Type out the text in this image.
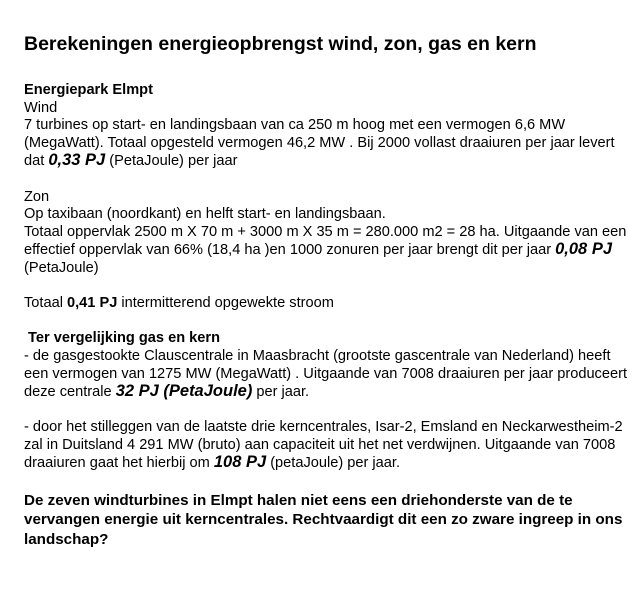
Berekeningen energieopbrengst wind, zon, gas en kern

Energiepark Elmpt

Wind

7 turbines op start- en landingsbaan van ca 250 m hoog met een vermogen 6,6 MW (MegaWatt). Totaal opgesteld vermogen 46,2 MW . Bij 2000 vollast draaiuren per jaar levert dat 0,33 PJ (PetaJoule) per jaar

Zon

Op taxibaan (noordkant) en helft start- en landingsbaan.

Totaal oppervlak 2500 m X 70 m + 3000 m X 35 m = 280.000 m2 = 28 ha. Uitgaande van een effectief oppervlak van 66% (18,4 ha )en 1000 zonuren per jaar brengt dit per jaar 0,08 PJ (PetaJoule)

Totaal 0,41 PJ intermitterend opgewekte stroom

Ter vergelijking gas en kern

- de gasgestookte Clauscentrale in Maasbracht (grootste gascentrale van Nederland) heeft een vermogen van 1275 MW (MegaWatt) . Uitgaande van 7008 draaiuren per jaar produceert deze centrale 32 PJ (PetaJoule) per jaar.

- door het stilleggen van de laatste drie kerncentrales, Isar-2, Emsland en Neckarwestheim-2 zal in Duitsland 4 291 MW (bruto) aan capaciteit uit het net verdwijnen. Uitgaande van 7008 draaiuren gaat het hierbij om 108 PJ (petaJoule) per jaar.

De zeven windturbines in Elmpt halen niet eens een driehonderste van de te vervangen energie uit kerncentrales. Rechtvaardigt dit een zo zware ingreep in ons landschap?
